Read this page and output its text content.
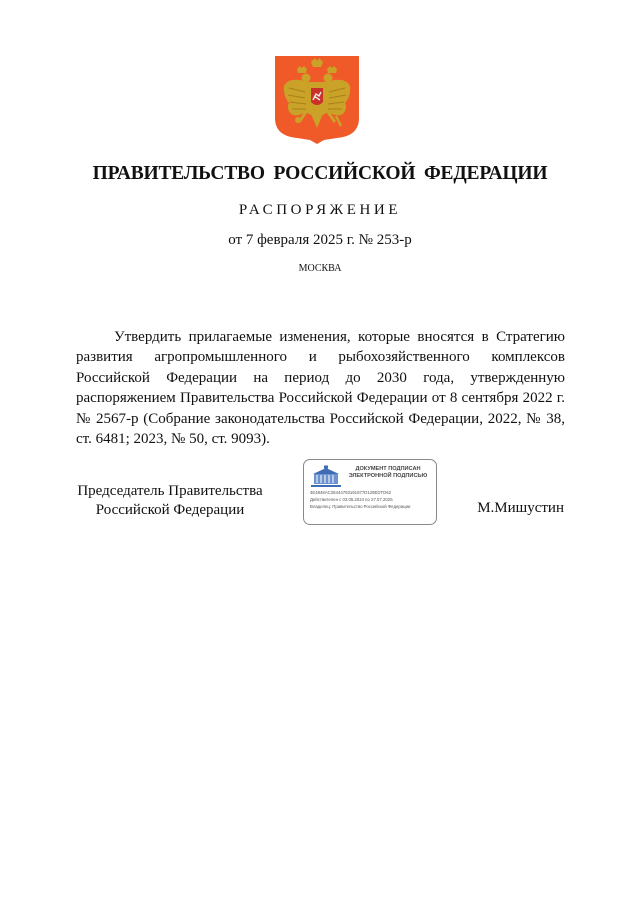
ПРАВИТЕЛЬСТВО РОССИЙСКОЙ ФЕДЕРАЦИИ
РАСПОРЯЖЕНИЕ
от 7 февраля 2025 г. № 253-р
МОСКВА
Утвердить прилагаемые изменения, которые вносятся в Стратегию развития агропромышленного и рыбохозяйственного комплексов Российской Федерации на период до 2030 года, утвержденную распоряжением Правительства Российской Федерации от 8 сентября 2022 г. № 2567-р (Собрание законодательства Российской Федерации, 2022, № 38, ст. 6481; 2023, № 50, ст. 9093).
Председатель Правительства
Российской Федерации
ДОКУМЕНТ ПОДПИСАН
ЭЛЕКТРОННОЙ ПОДПИСЬЮ
4E4848AC28444793191877D128EDTD62
Действителен с 03.05.2024 по 27.07.2025
Владелец: Правительство Российской Федерации	М.Мишустин
